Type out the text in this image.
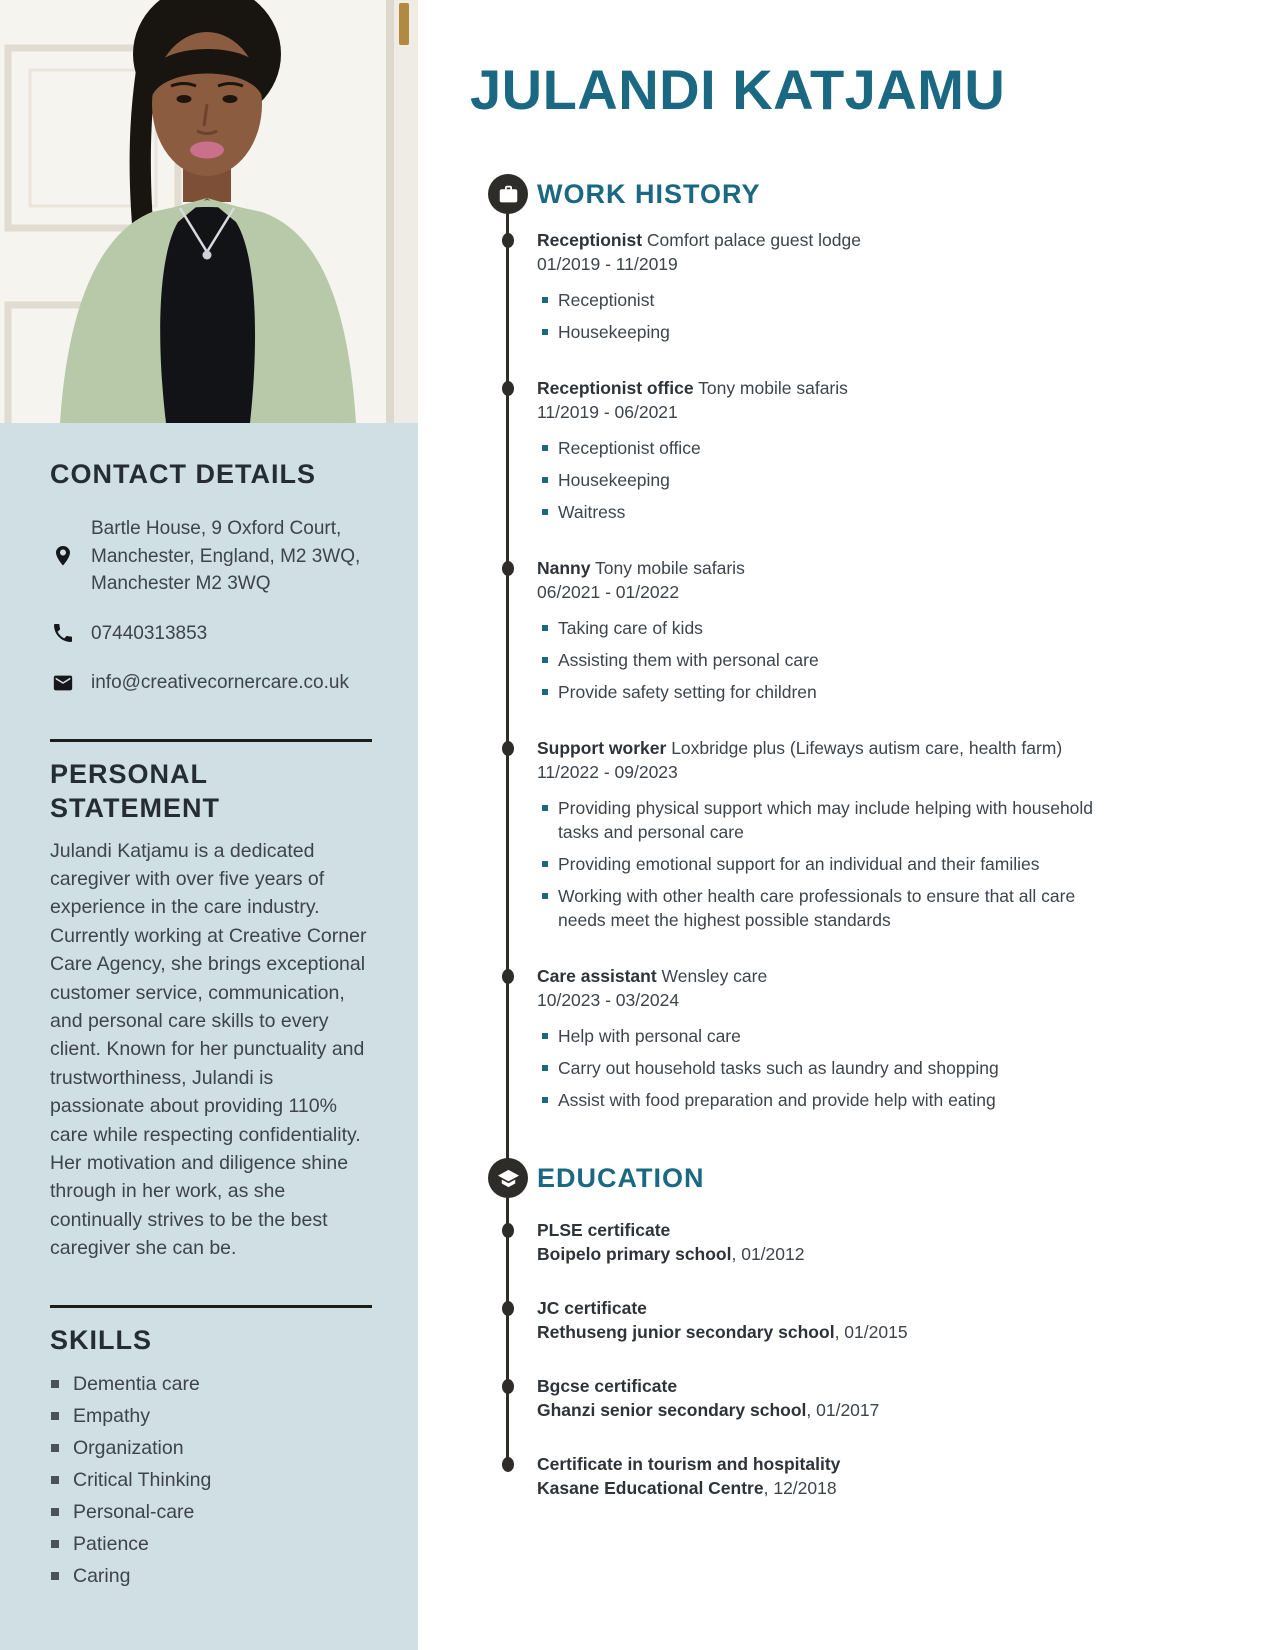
CONTACT DETAILS
Bartle House, 9 Oxford Court,
Manchester, England, M2 3WQ,
Manchester M2 3WQ
07440313853
info@creativecornercare.co.uk
PERSONAL STATEMENT

Julandi Katjamu is a dedicated caregiver with over five years of experience in the care industry. Currently working at Creative Corner Care Agency, she brings exceptional customer service, communication, and personal care skills to every client. Known for her punctuality and trustworthiness, Julandi is passionate about providing 110% care while respecting confidentiality. Her motivation and diligence shine through in her work, as she continually strives to be the best caregiver she can be.

SKILLS
Dementia care
Empathy
Organization
Critical Thinking
Personal-care
Patience
Caring
JULANDI KATJAMU
WORK HISTORY

Receptionist Comfort palace guest lodge

01/2019 - 11/2019

Receptionist
Housekeeping

Receptionist office Tony mobile safaris

11/2019 - 06/2021

Receptionist office
Housekeeping
Waitress

Nanny Tony mobile safaris

06/2021 - 01/2022

Taking care of kids
Assisting them with personal care
Provide safety setting for children

Support worker Loxbridge plus (Lifeways autism care, health farm)

11/2022 - 09/2023

Providing physical support which may include helping with household tasks and personal care
Providing emotional support for an individual and their families
Working with other health care professionals to ensure that all care needs meet the highest possible standards

Care assistant Wensley care

10/2023 - 03/2024

Help with personal care
Carry out household tasks such as laundry and shopping
Assist with food preparation and provide help with eating
EDUCATION

PLSE certificate

Boipelo primary school, 01/2012

JC certificate

Rethuseng junior secondary school, 01/2015

Bgcse certificate

Ghanzi senior secondary school, 01/2017

Certificate in tourism and hospitality

Kasane Educational Centre, 12/2018
